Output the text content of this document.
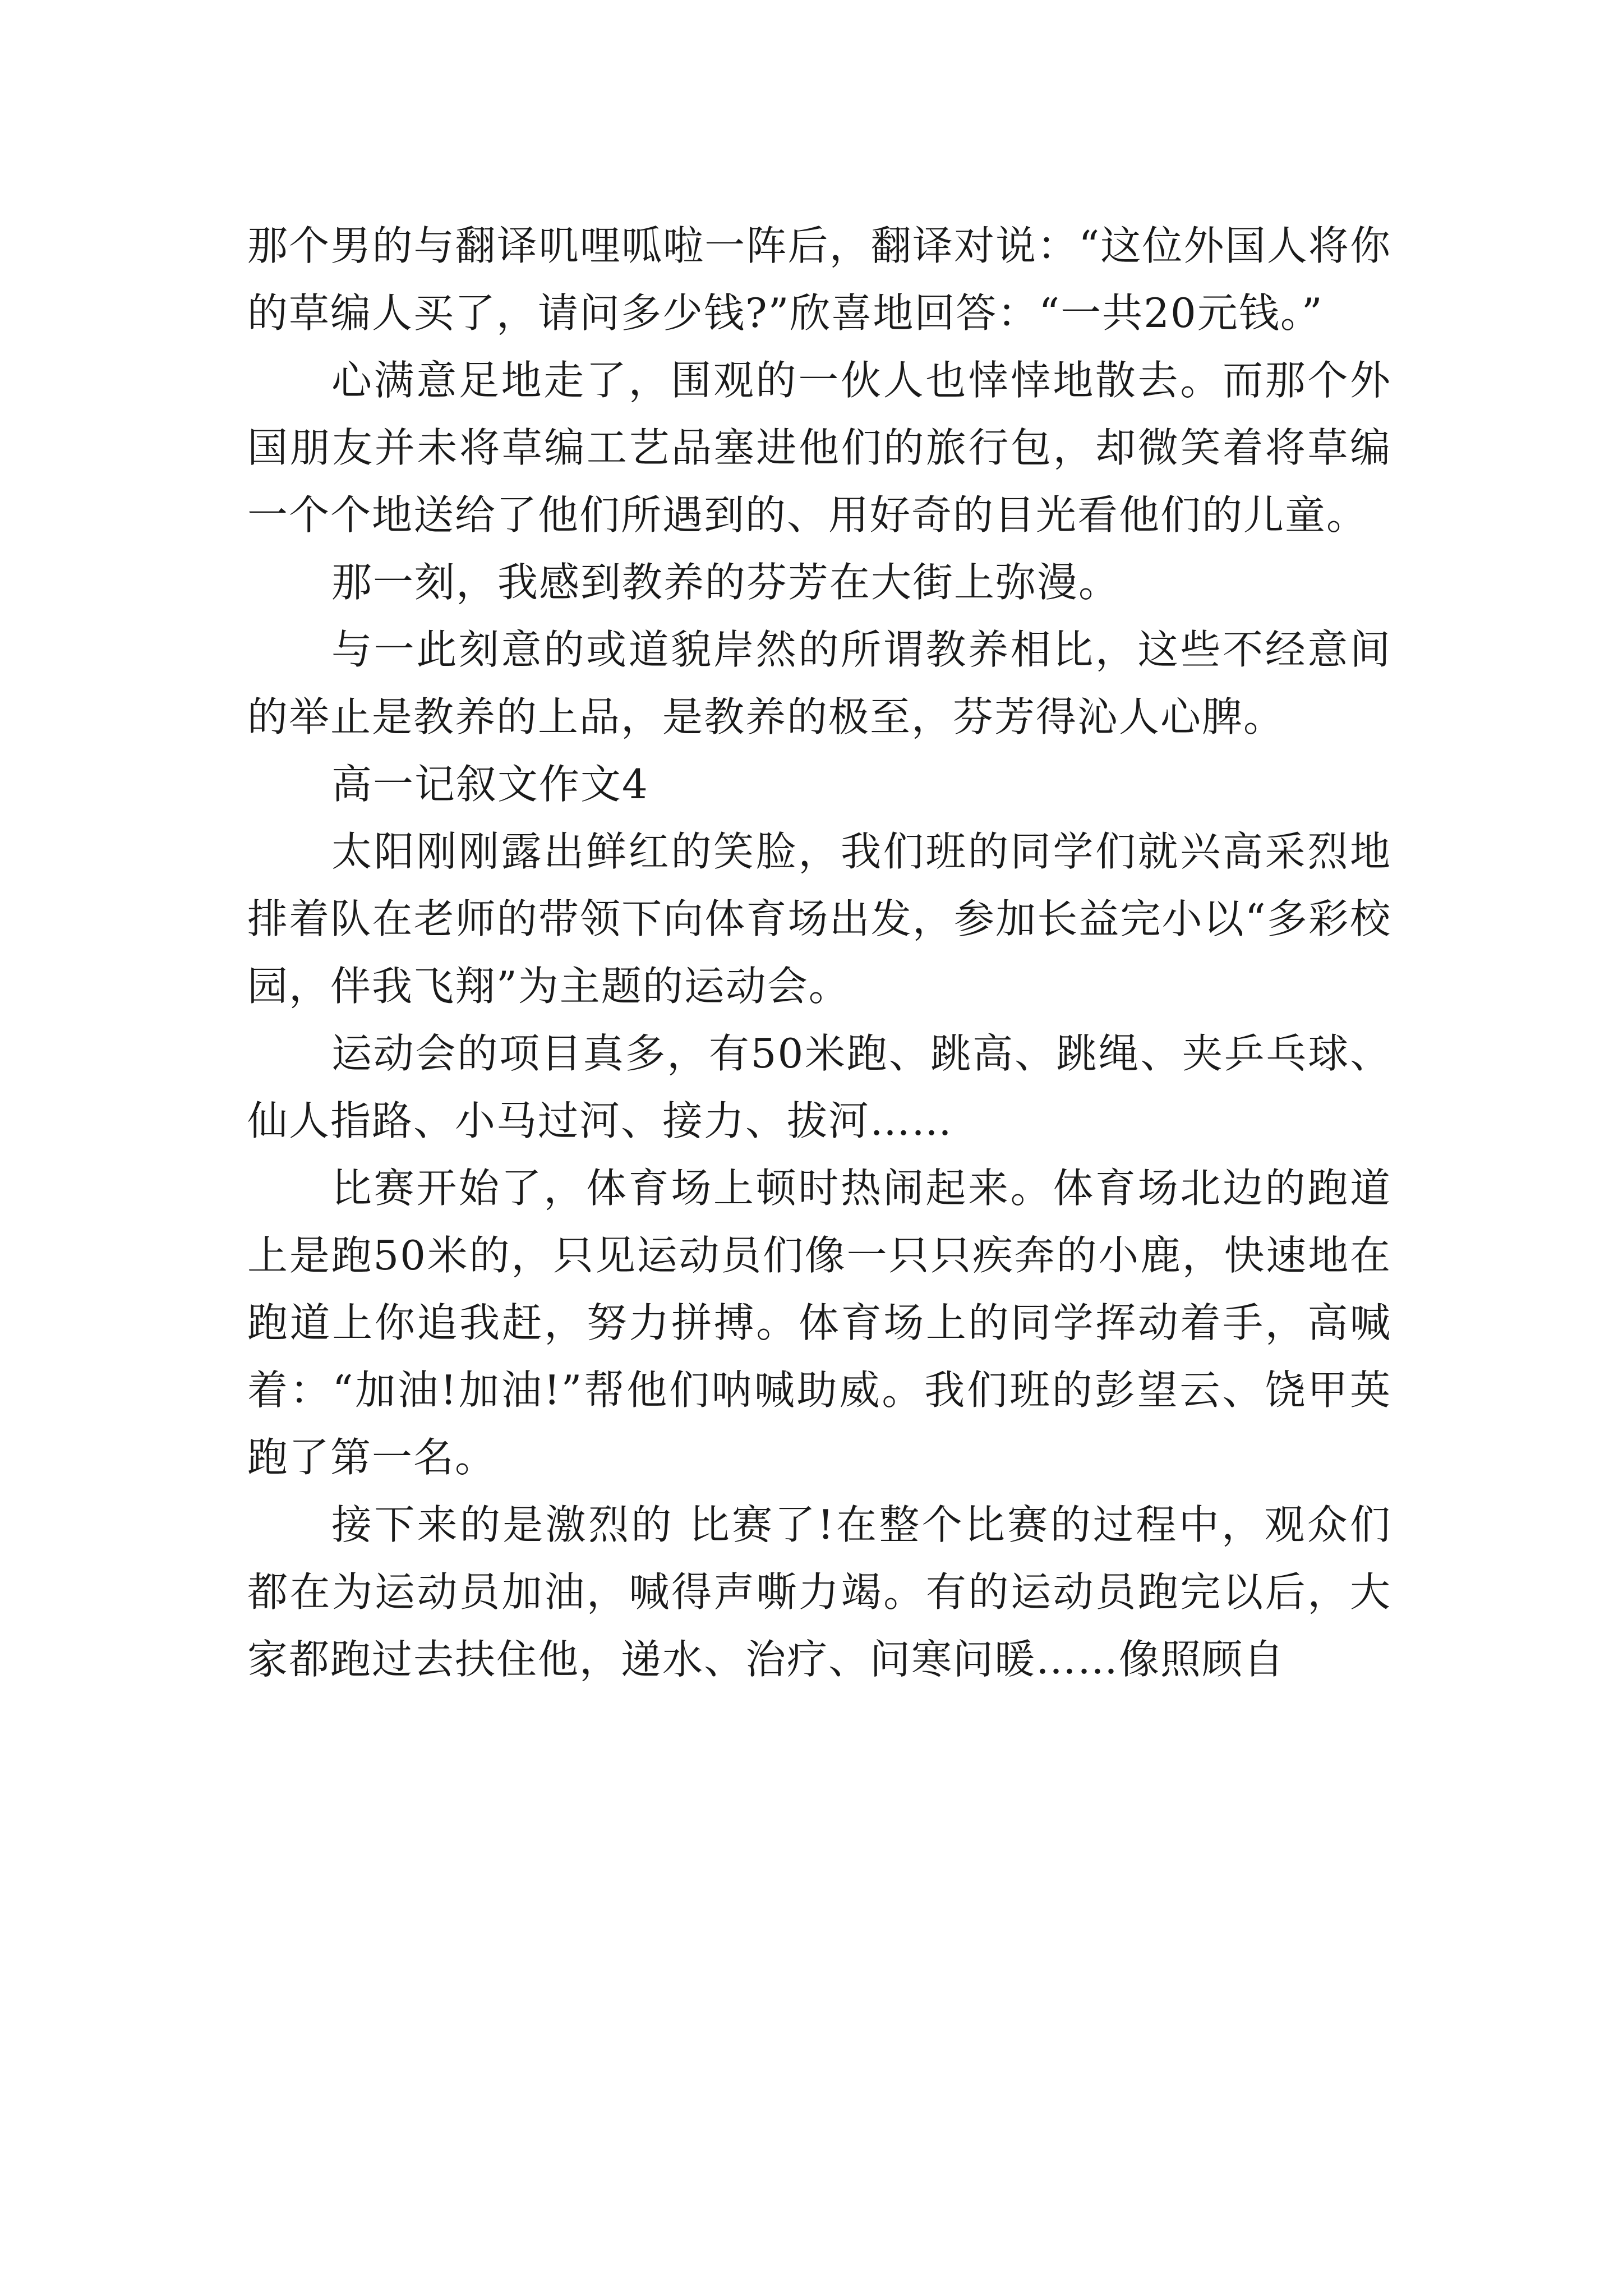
那个男的与翻译叽哩呱啦一阵后，翻译对说：“这位外国人将你的草编人买了，请问多少钱?”欣喜地回答：“一共20元钱。”

心满意足地走了，围观的一伙人也悻悻地散去。而那个外国朋友并未将草编工艺品塞进他们的旅行包，却微笑着将草编一个个地送给了他们所遇到的、用好奇的目光看他们的儿童。

那一刻，我感到教养的芬芳在大街上弥漫。

与一此刻意的或道貌岸然的所谓教养相比，这些不经意间的举止是教养的上品，是教养的极至，芬芳得沁人心脾。

高一记叙文作文4

太阳刚刚露出鲜红的笑脸，我们班的同学们就兴高采烈地排着队在老师的带领下向体育场出发，参加长益完小以“多彩校园，伴我飞翔”为主题的运动会。

运动会的项目真多，有50米跑、跳高、跳绳、夹乒乓球、仙人指路、小马过河、接力、拔河……

比赛开始了，体育场上顿时热闹起来。体育场北边的跑道上是跑50米的，只见运动员们像一只只疾奔的小鹿，快速地在跑道上你追我赶，努力拼搏。体育场上的同学挥动着手，高喊着：“加油!加油!”帮他们呐喊助威。我们班的彭望云、饶甲英跑了第一名。

接下来的是激烈的 比赛了!在整个比赛的过程中，观众们都在为运动员加油，喊得声嘶力竭。有的运动员跑完以后，大家都跑过去扶住他，递水、治疗、问寒问暖……像照顾自
